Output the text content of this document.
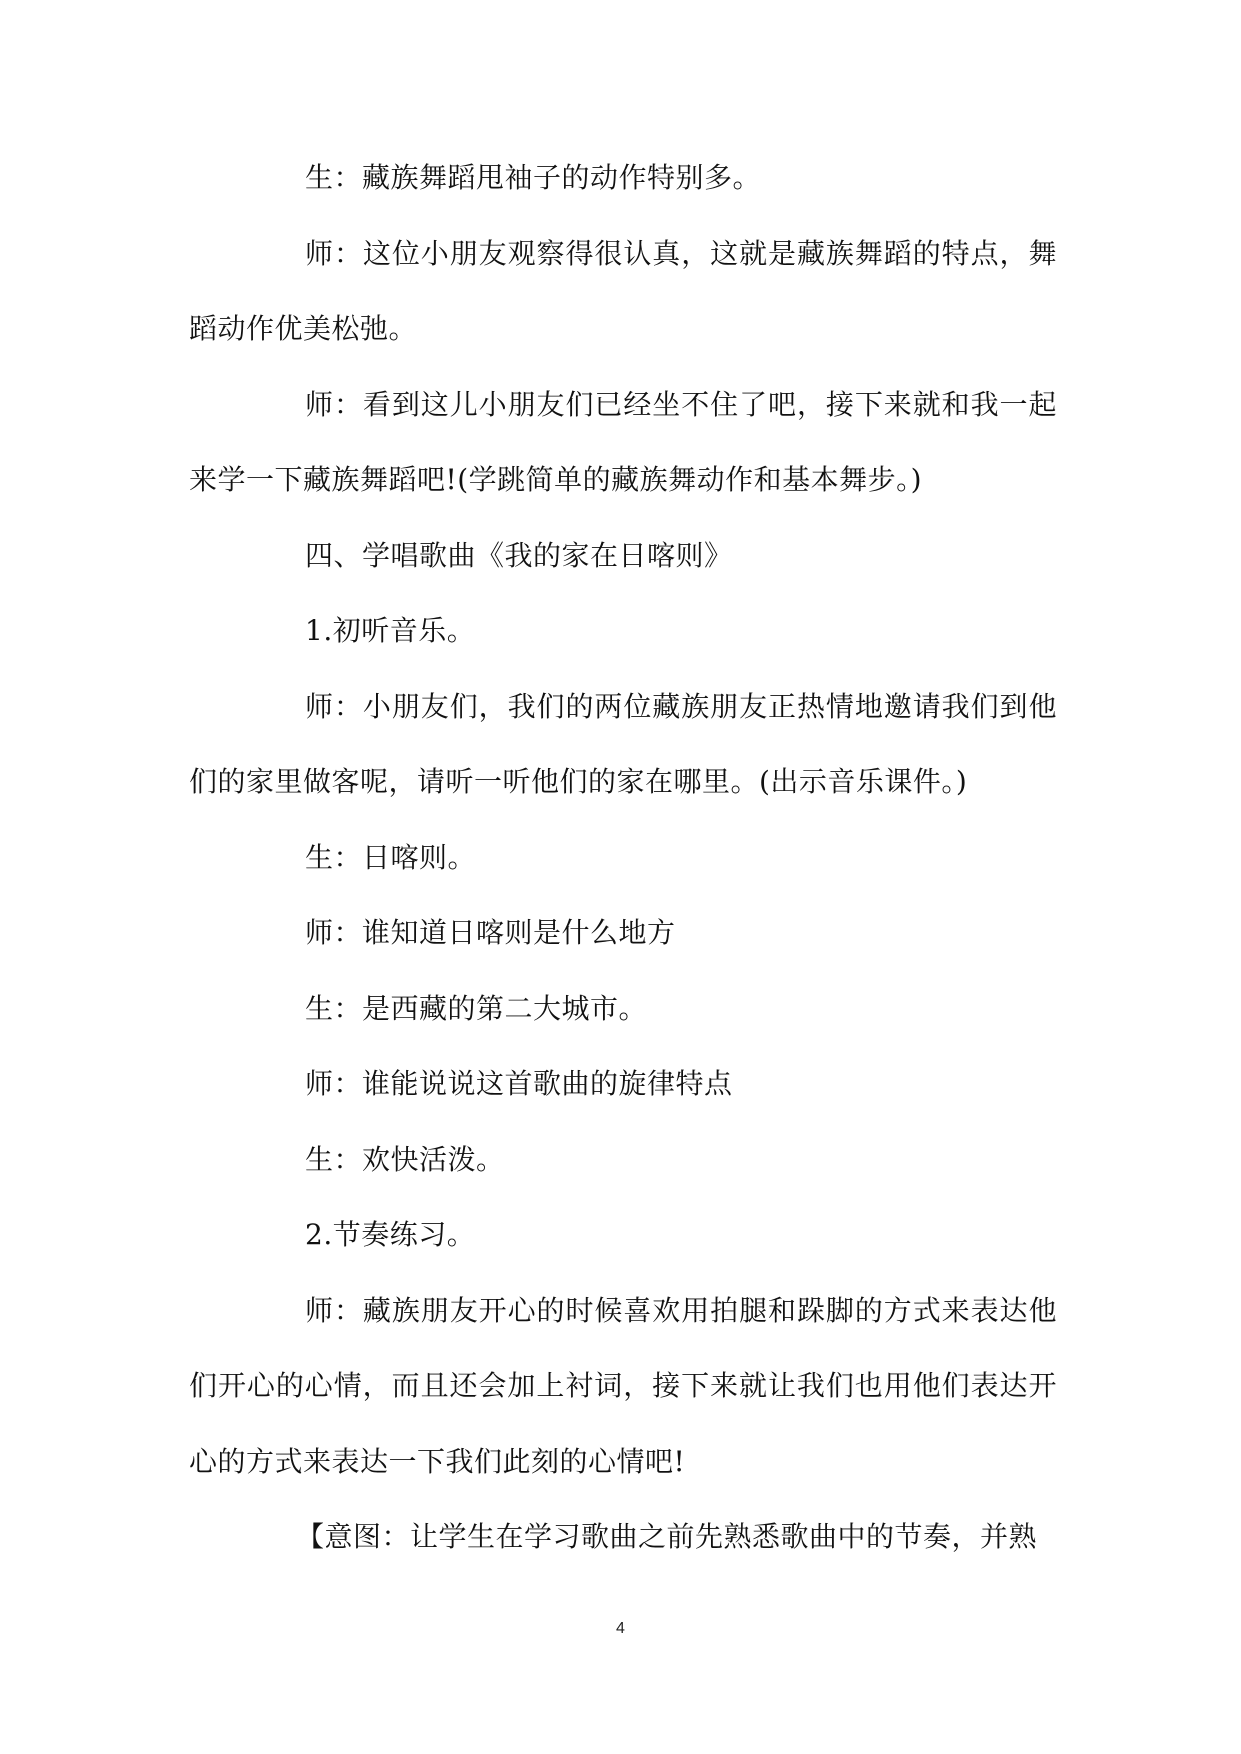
生：藏族舞蹈甩袖子的动作特别多。

师：这位小朋友观察得很认真，这就是藏族舞蹈的特点，舞蹈动作优美松弛。

师：看到这儿小朋友们已经坐不住了吧，接下来就和我一起来学一下藏族舞蹈吧!(学跳简单的藏族舞动作和基本舞步。)

四、学唱歌曲《我的家在日喀则》

1.初听音乐。

师：小朋友们，我们的两位藏族朋友正热情地邀请我们到他们的家里做客呢，请听一听他们的家在哪里。(出示音乐课件。)

生：日喀则。

师：谁知道日喀则是什么地方

生：是西藏的第二大城市。

师：谁能说说这首歌曲的旋律特点

生：欢快活泼。

2.节奏练习。

师：藏族朋友开心的时候喜欢用拍腿和跺脚的方式来表达他们开心的心情，而且还会加上衬词，接下来就让我们也用他们表达开心的方式来表达一下我们此刻的心情吧!

【意图：让学生在学习歌曲之前先熟悉歌曲中的节奏，并熟

4
